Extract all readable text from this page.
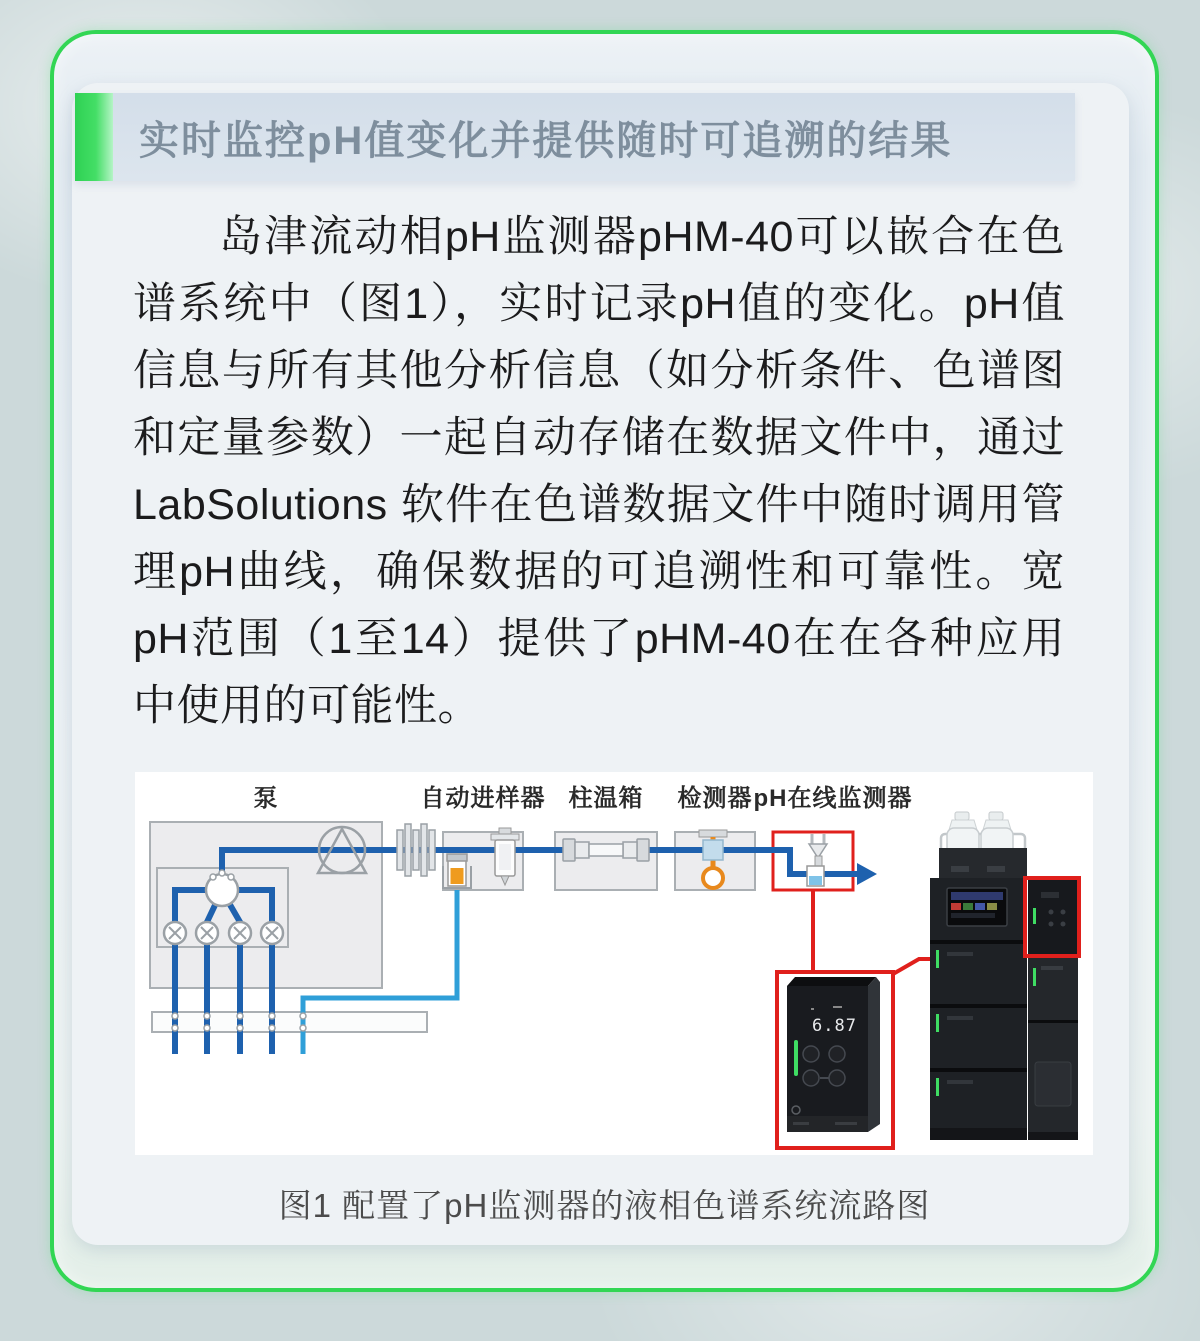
实时监控pH值变化并提供随时可追溯的结果

岛津流动相pH监测器pHM-40可以嵌合在色谱系统中（图1），实时记录pH值的变化。pH值信息与所有其他分析信息（如分析条件、色谱图和定量参数）一起自动存储在数据文件中，通过LabSolutions 软件在色谱数据文件中随时调用管理pH曲线，确保数据的可追溯性和可靠性。宽pH范围（1至14）提供了pHM-40在在各种应用中使用的可能性。

泵	自动进样器 柱温箱 检测器 pH在线监测器
6.87
图1 配置了pH监测器的液相色谱系统流路图
